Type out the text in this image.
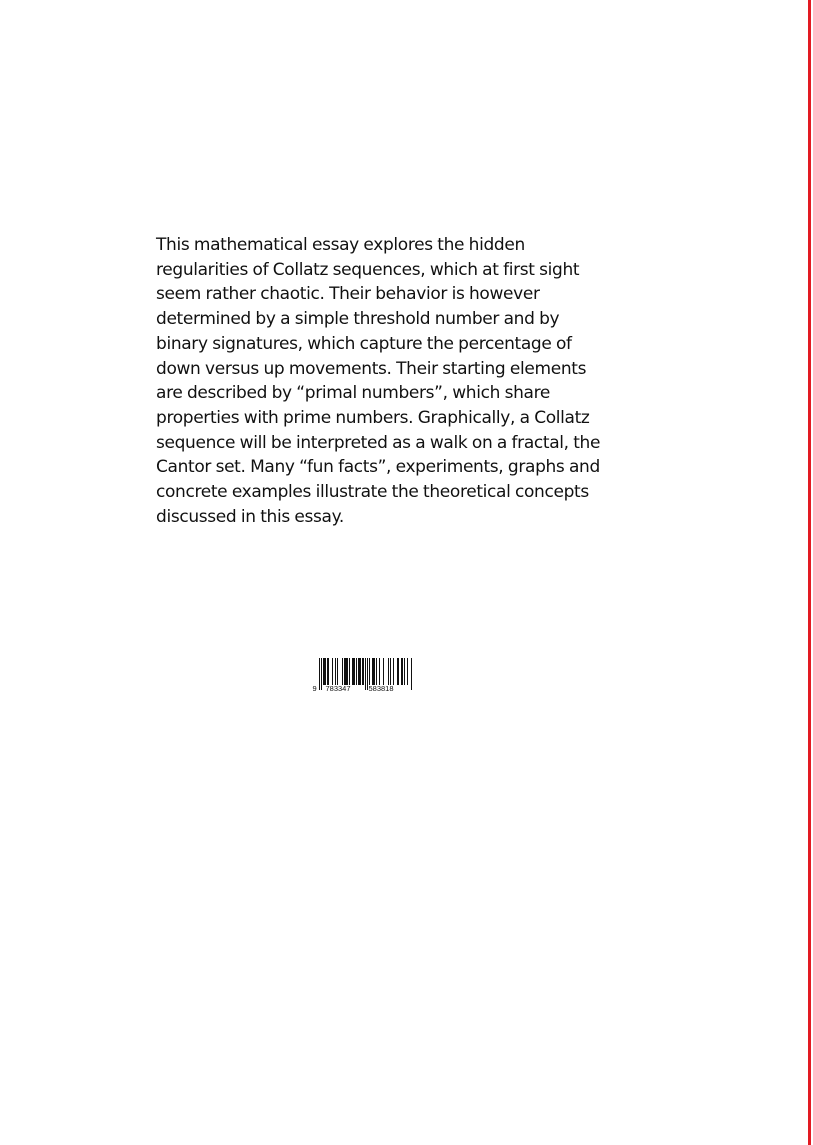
This mathematical essay explores the hidden
regularities of Collatz sequences, which at first sight
seem rather chaotic. Their behavior is however
determined by a simple threshold number and by
binary signatures, which capture the percentage of
down versus up movements. Their starting elements
are described by “primal numbers”, which share
properties with prime numbers. Graphically, a Collatz
sequence will be interpreted as a walk on a fractal, the
Cantor set. Many “fun facts”, experiments, graphs and
concrete examples illustrate the theoretical concepts
discussed in this essay.

9 783347 583818
